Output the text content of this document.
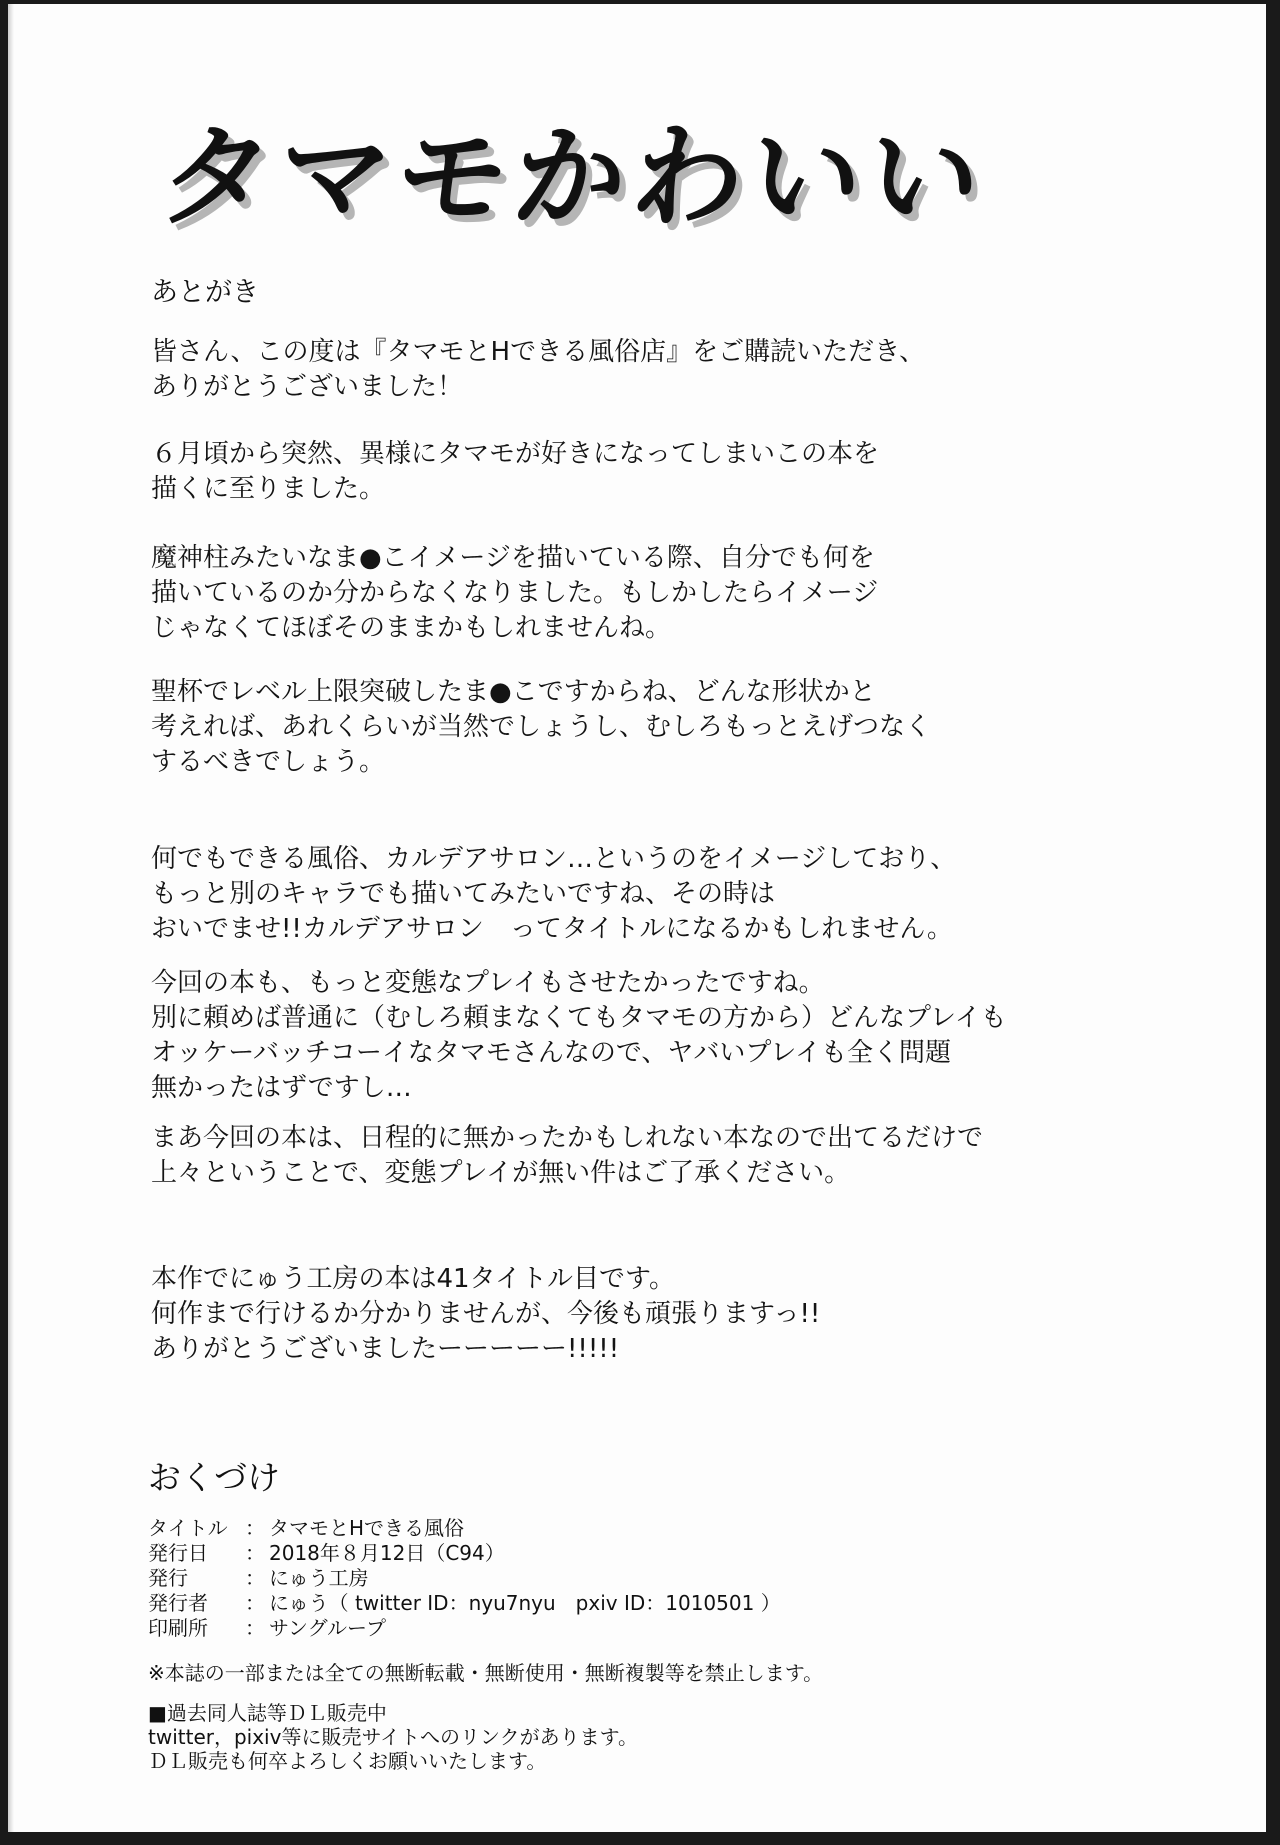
タマモかわいい
あとがき
皆さん、この度は『タマモとHできる風俗店』をご購読いただき、
ありがとうございました！
６月頃から突然、異様にタマモが好きになってしまいこの本を
描くに至りました。
魔神柱みたいなま●こイメージを描いている際、自分でも何を
描いているのか分からなくなりました。もしかしたらイメージ
じゃなくてほぼそのままかもしれませんね。
聖杯でレベル上限突破したま●こですからね、どんな形状かと
考えれば、あれくらいが当然でしょうし、むしろもっとえげつなく
するべきでしょう。
何でもできる風俗、カルデアサロン…というのをイメージしており、
もっと別のキャラでも描いてみたいですね、その時は
おいでませ!!カルデアサロン　ってタイトルになるかもしれません。
今回の本も、もっと変態なプレイもさせたかったですね。
別に頼めば普通に（むしろ頼まなくてもタマモの方から）どんなプレイも
オッケーバッチコーイなタマモさんなので、ヤバいプレイも全く問題
無かったはずですし…
まあ今回の本は、日程的に無かったかもしれない本なので出てるだけで
上々ということで、変態プレイが無い件はご了承ください。
本作でにゅう工房の本は41タイトル目です。
何作まで行けるか分かりませんが、今後も頑張りますっ!!
ありがとうございましたーーーーー!!!!!
おくづけ
タイトル ： タマモとHできる風俗
発行日	： 2018年８月12日（C94）
発行	： にゅう工房
発行者	： にゅう（ twitter ID：nyu7nyu　pxiv ID：1010501 ）
印刷所	： サングループ
※本誌の一部または全ての無断転載・無断使用・無断複製等を禁止します。
■過去同人誌等ＤＬ販売中
twitter，pixiv等に販売サイトへのリンクがあります。
ＤＬ販売も何卒よろしくお願いいたします。
